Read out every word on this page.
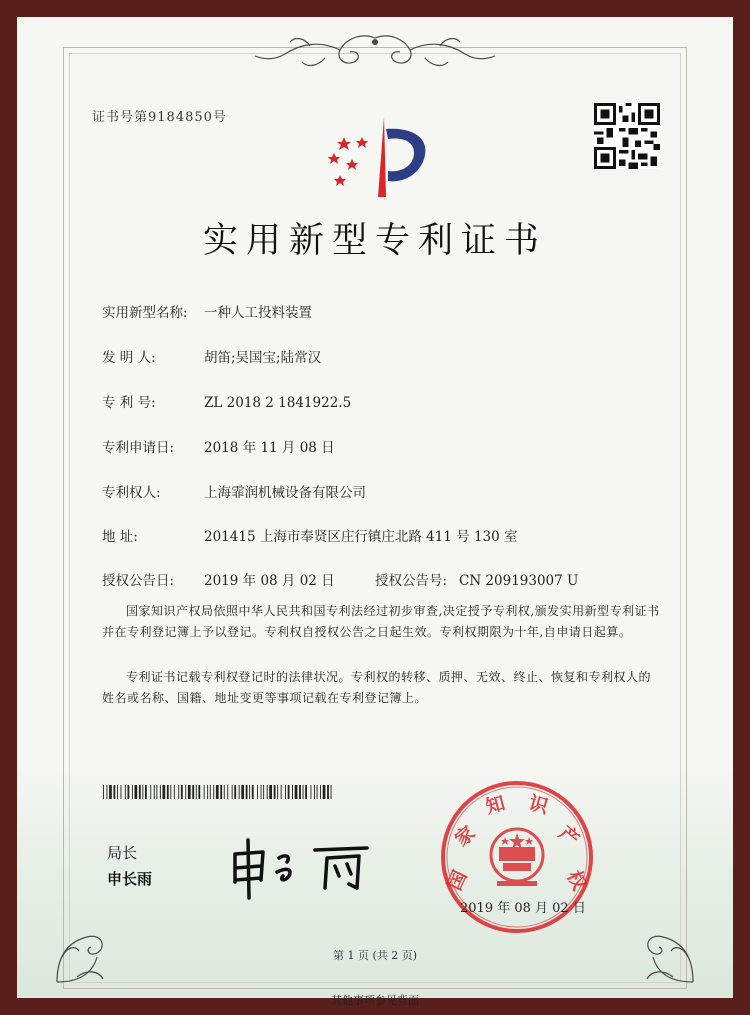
证书号第9184850号
实用新型专利证书
实用新型名称: 一种人工投料装置
发 明 人:	胡笛;吴国宝;陆常汉
专 利 号:	ZL 2018 2 1841922.5
专利申请日: 2018 年 11 月 08 日
专利权人:	上海霏润机械设备有限公司
地 址:	201415 上海市奉贤区庄行镇庄北路 411 号 130 室
授权公告日: 2019 年 08 月 02 日	授权公告号: CN 209193007 U
国家知识产权局依照中华人民共和国专利法经过初步审查,决定授予专利权,颁发实用新型专利证书并在专利登记簿上予以登记。专利权自授权公告之日起生效。专利权期限为十年,自申请日起算。
专利证书记载专利权登记时的法律状况。专利权的转移、质押、无效、终止、恢复和专利权人的姓名或名称、国籍、地址变更等事项记载在专利登记簿上。
局长
申长雨	国
家
知 识
产
权
2019 年 08 月 02 日
第 1 页 (共 2 页)
其他事项参见背面
